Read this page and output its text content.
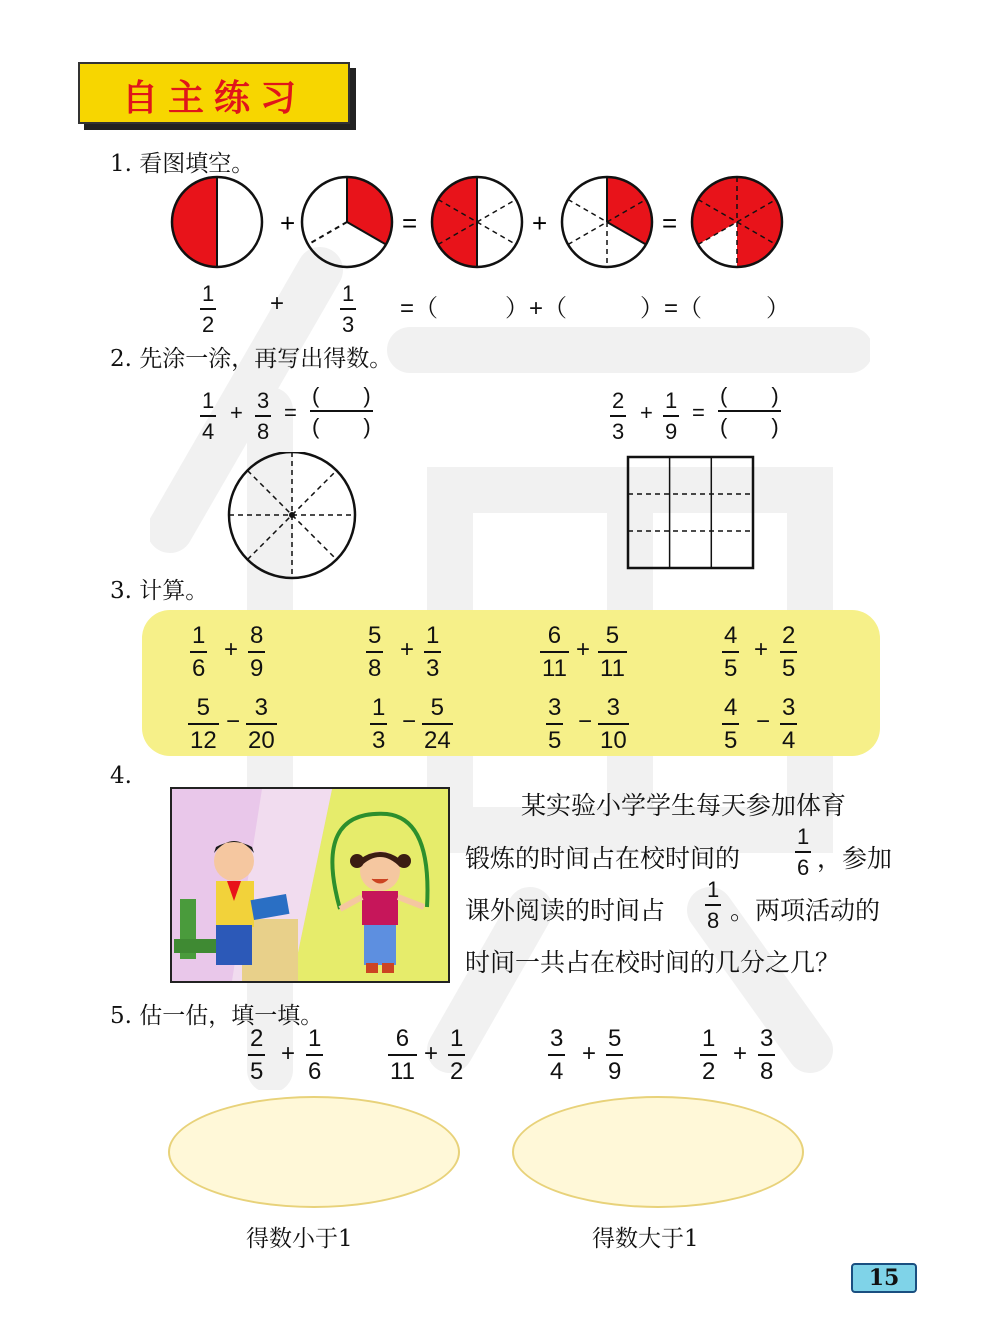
自主练习
1. 看图填空。
+	=	+	=
$\frac{1}{2}$ +	$\frac{1}{3}$ =（	）+（	）=（	）
2. 先涂一涂，再写出得数。
$\frac{1}{4} + \frac{3}{8}$ =
(　　)
(　　)	$\frac{2}{3} + \frac{1}{9}$ =
(　　)
(　　)
3. 计算。
$\frac{1}{6} + \frac{8}{9}$	$\frac{5}{8} + \frac{1}{3}$	$\frac{6}{11} + \frac{5}{11}$	$\frac{4}{5} + \frac{2}{5}$
$\frac{5}{12} - \frac{3}{20}$	$\frac{1}{3} - \frac{5}{24}$	$\frac{3}{5} - \frac{3}{10}$	$\frac{4}{5} - \frac{3}{4}$
4.
某实验小学学生每天参加体育
锻炼的时间占在校时间的 $\frac{1}{6}$ ，参加
课外阅读的时间占 $\frac{1}{8}$ 。两项活动的
时间一共占在校时间的几分之几？
5. 估一估，填一填。
$\frac{2}{5} + \frac{1}{6}$	$\frac{6}{11} + \frac{1}{2}$	$\frac{3}{4} + \frac{5}{9}$	$\frac{1}{2} + \frac{3}{8}$
得数小于1	得数大于1
15
